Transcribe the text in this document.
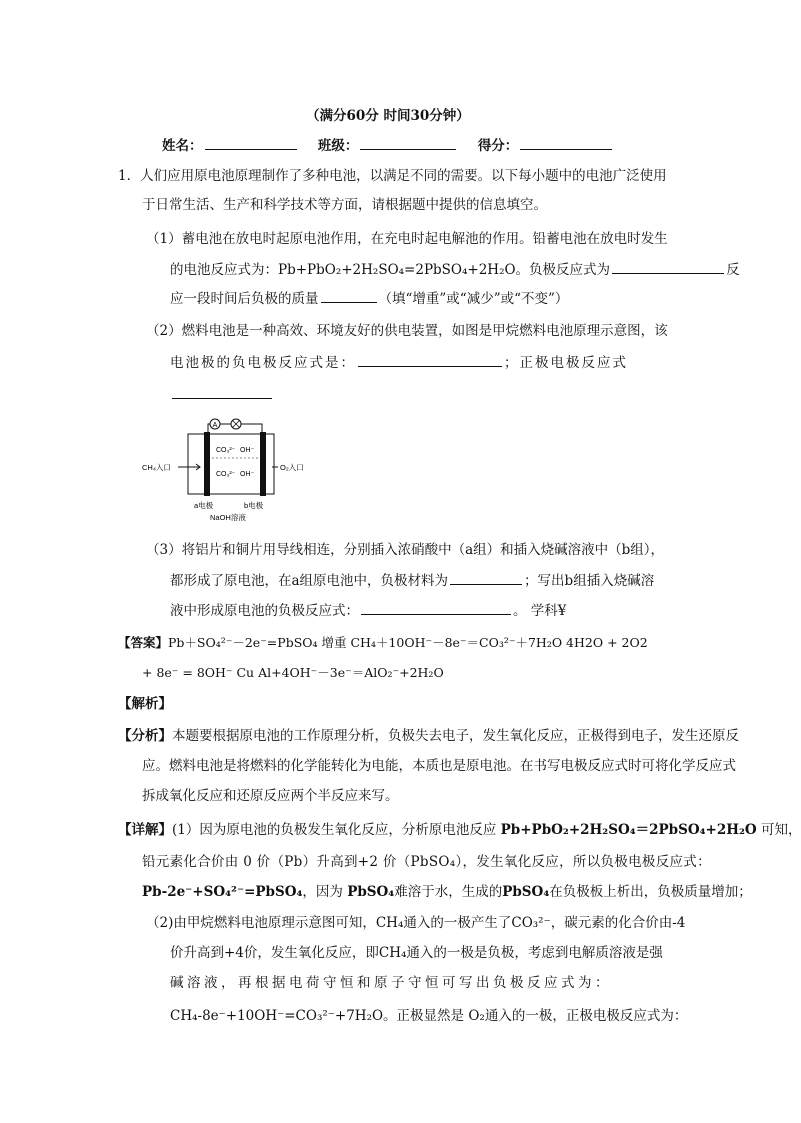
（满分60分 时间30分钟）
姓名：	班级：	得分：
1．人们应用原电池原理制作了多种电池，以满足不同的需要。以下每小题中的电池广泛使用
于日常生活、生产和科学技术等方面，请根据题中提供的信息填空。
（1）蓄电池在放电时起原电池作用，在充电时起电解池的作用。铅蓄电池在放电时发生
的电池反应式为：Pb+PbO₂+2H₂SO₄=2PbSO₄+2H₂O。负极反应式为	反
应一段时间后负极的质量	（填“增重”或“减少”或“不变”）
（2）燃料电池是一种高效、环境友好的供电装置，如图是甲烷燃料电池原理示意图，该
电池极的负电极反应式是：	；正极电极反应式
A
CO₃²⁻ OH⁻
CO₃²⁻ OH⁻
CH₄入口	O₂入口
a电极	b电极
NaOH溶液
（3）将铝片和铜片用导线相连，分别插入浓硝酸中（a组）和插入烧碱溶液中（b组），
都形成了原电池，在a组原电池中，负极材料为	；写出b组插入烧碱溶
液中形成原电池的负极反应式：	。 学科¥
【答案】Pb＋SO₄²⁻－2e⁻=PbSO₄ 增重 CH₄＋10OH⁻－8e⁻＝CO₃²⁻＋7H₂O 4H2O + 2O2
+ 8e⁻ = 8OH⁻ Cu Al+4OH⁻－3e⁻＝AlO₂⁻+2H₂O
【解析】
【分析】本题要根据原电池的工作原理分析，负极失去电子，发生氧化反应，正极得到电子，发生还原反
应。燃料电池是将燃料的化学能转化为电能，本质也是原电池。在书写电极反应式时可将化学反应式
拆成氧化反应和还原反应两个半反应来写。
【详解】(1）因为原电池的负极发生氧化反应，分析原电池反应 Pb+PbO₂+2H₂SO₄＝2PbSO₄+2H₂O 可知，
铅元素化合价由 0 价（Pb）升高到+2 价（PbSO₄），发生氧化反应，所以负极电极反应式：
Pb-2e⁻+SO₄²⁻=PbSO₄，因为 PbSO₄难溶于水，生成的PbSO₄在负极板上析出，负极质量增加；
（2)由甲烷燃料电池原理示意图可知，CH₄通入的一极产生了CO₃²⁻，碳元素的化合价由-4
价升高到+4价，发生氧化反应，即CH₄通入的一极是负极，考虑到电解质溶液是强
碱溶液，再根据电荷守恒和原子守恒可写出负极反应式为：
CH₄-8e⁻+10OH⁻=CO₃²⁻+7H₂O。正极显然是 O₂通入的一极，正极电极反应式为：
